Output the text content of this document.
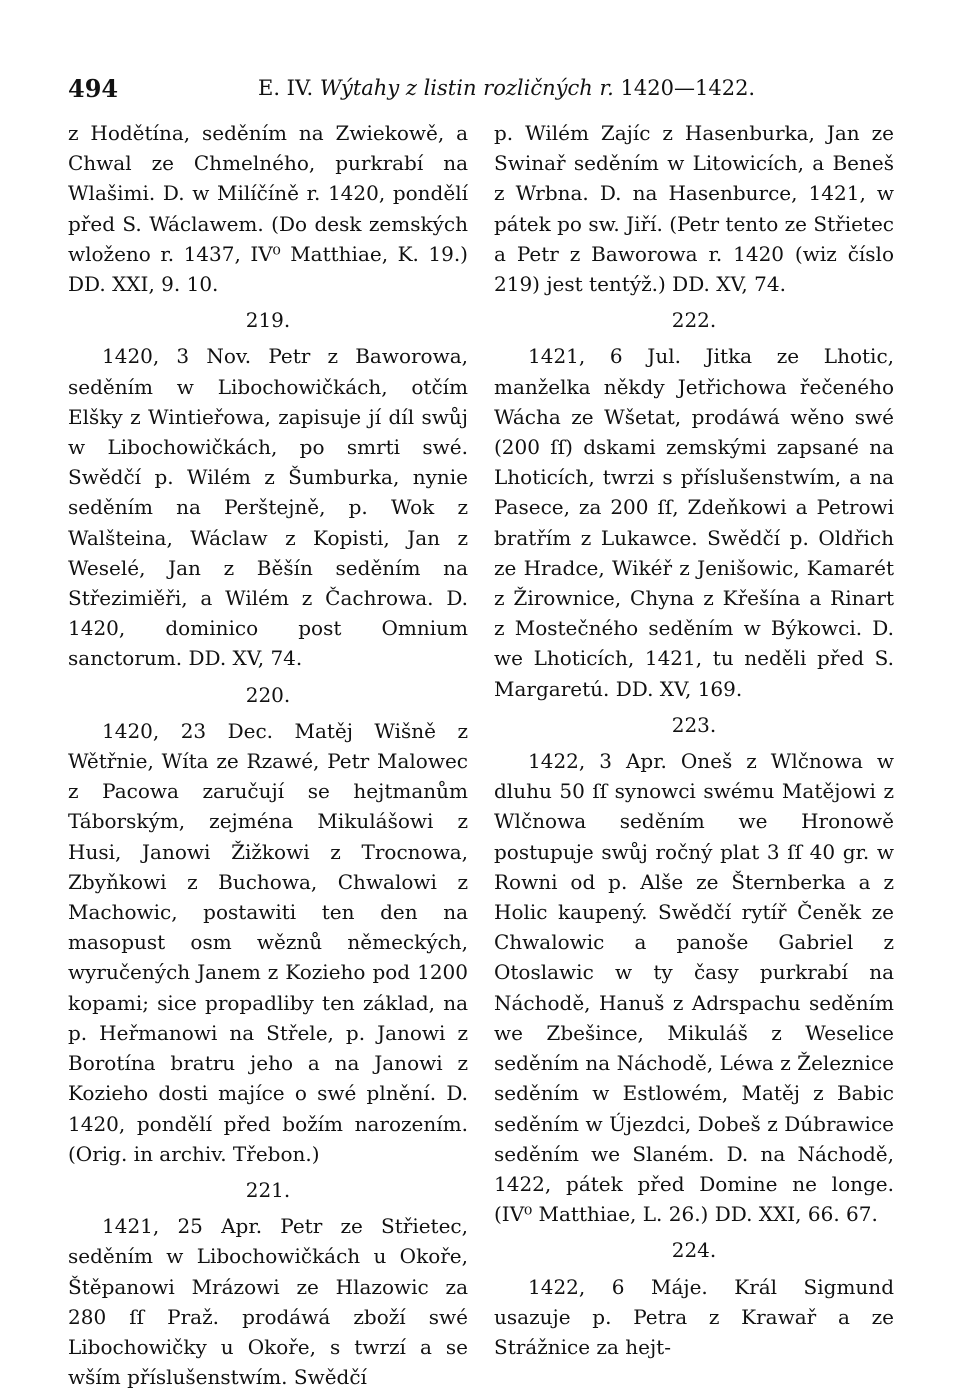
494	E. IV. Wýtahy z listin rozličných r. 1420—1422.

z Hodětína, seděním na Zwiekowě, a Chwal ze Chmelného, purkrabí na Wlašimi. D. w Milíčíně r. 1420, pondělí před S. Wáclawem. (Do desk zemských wloženo r. 1437, IV⁰ Matthiae, K. 19.) DD. XXI, 9. 10.

219.

1420, 3 Nov. Petr z Baworowa, seděním w Libochowičkách, otčím Elšky z Wintieřowa, zapisuje jí díl swůj w Libochowičkách, po smrti swé. Swědčí p. Wilém z Šumburka, nynie seděním na Perštejně, p. Wok z Walšteina, Wáclaw z Kopisti, Jan z Weselé, Jan z Běšín seděním na Střezimiěři, a Wilém z Čachrowa. D. 1420, dominico post Omnium sanctorum. DD. XV, 74.

220.

1420, 23 Dec. Matěj Wišně z Wětřnie, Wíta ze Rzawé, Petr Malowec z Pacowa zaručují se hejtmanům Táborským, zejména Mikulášowi z Husi, Janowi Žižkowi z Trocnowa, Zbyňkowi z Buchowa, Chwalowi z Machowic, postawiti ten den na masopust osm wěznů německých, wyručených Janem z Kozieho pod 1200 kopami; sice propadliby ten základ, na p. Heřmanowi na Střele, p. Janowi z Borotína bratru jeho a na Janowi z Kozieho dosti majíce o swé plnění. D. 1420, pondělí před božím narozením. (Orig. in archiv. Třebon.)

221.

1421, 25 Apr. Petr ze Střietec, seděním w Libochowičkách u Okoře, Štěpanowi Mrázowi ze Hlazowic za 280 ſſ Praž. prodáwá zboží swé Libochowičky u Okoře, s twrzí a se wším příslušenstwím. Swědčí

p. Wilém Zajíc z Hasenburka, Jan ze Swinař seděním w Litowicích, a Beneš z Wrbna. D. na Hasenburce, 1421, w pátek po sw. Jiří. (Petr tento ze Střietec a Petr z Baworowa r. 1420 (wiz číslo 219) jest tentýž.) DD. XV, 74.

222.

1421, 6 Jul. Jitka ze Lhotic, manželka někdy Jetřichowa řečeného Wácha ze Wšetat, prodáwá wěno swé (200 ſſ) dskami zemskými zapsané na Lhoticích, twrzi s příslušenstwím, a na Pasece, za 200 ſſ, Zdeňkowi a Petrowi bratřím z Lukawce. Swědčí p. Oldřich ze Hradce, Wikéř z Jenišowic, Kamarét z Žirownice, Chyna z Křešína a Rinart z Mostečného seděním w Býkowci. D. we Lhoticích, 1421, tu neděli před S. Margaretú. DD. XV, 169.

223.

1422, 3 Apr. Oneš z Wlčnowa w dluhu 50 ſſ synowci swému Matějowi z Wlčnowa seděním we Hronowě postupuje swůj ročný plat 3 ſſ 40 gr. w Rowni od p. Alše ze Šternberka a z Holic kaupený. Swědčí rytíř Čeněk ze Chwalowic a panoše Gabriel z Otoslawic w ty časy purkrabí na Náchodě, Hanuš z Adrspachu seděním we Zbešince, Mikuláš z Weselice seděním na Náchodě, Léwa z Železnice seděním w Estlowém, Matěj z Babic seděním w Újezdci, Dobeš z Dúbrawice seděním we Slaném. D. na Náchodě, 1422, pátek před Domine ne longe. (IV⁰ Matthiae, L. 26.) DD. XXI, 66. 67.

224.

1422, 6 Máje. Král Sigmund usazuje p. Petra z Krawař a ze Strážnice za hejt-
